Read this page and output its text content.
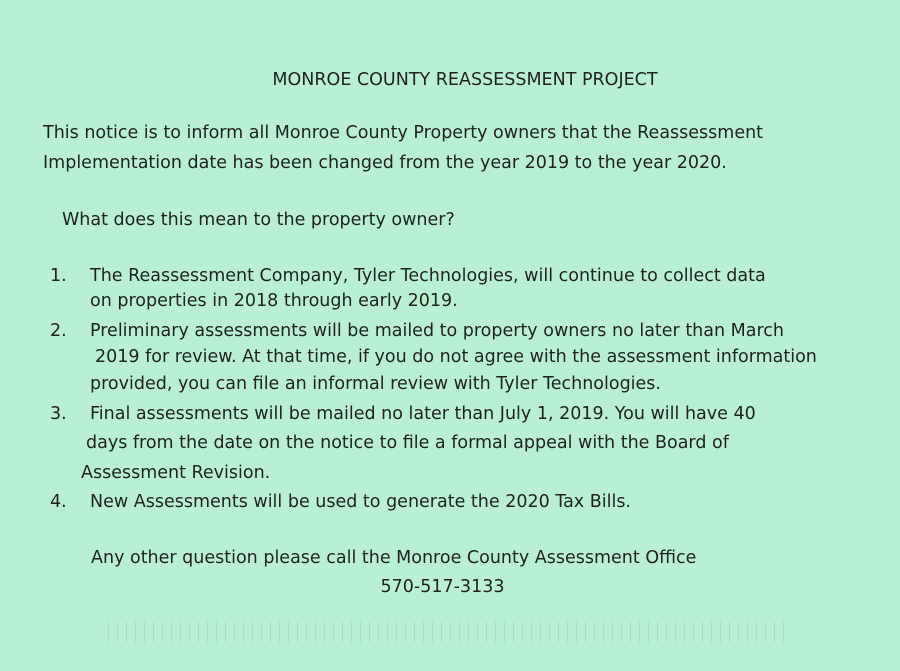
MONROE COUNTY REASSESSMENT PROJECT
This notice is to inform all Monroe County Property owners that the Reassessment
Implementation date has been changed from the year 2019 to the year 2020.
What does this mean to the property owner?
1. The Reassessment Company, Tyler Technologies, will continue to collect data
on properties in 2018 through early 2019.
2. Preliminary assessments will be mailed to property owners no later than March
2019 for review. At that time, if you do not agree with the assessment information
provided, you can file an informal review with Tyler Technologies.
3. Final assessments will be mailed no later than July 1, 2019. You will have 40
days from the date on the notice to file a formal appeal with the Board of
Assessment Revision.
4. New Assessments will be used to generate the 2020 Tax Bills.
Any other question please call the Monroe County Assessment Office
570-517-3133
